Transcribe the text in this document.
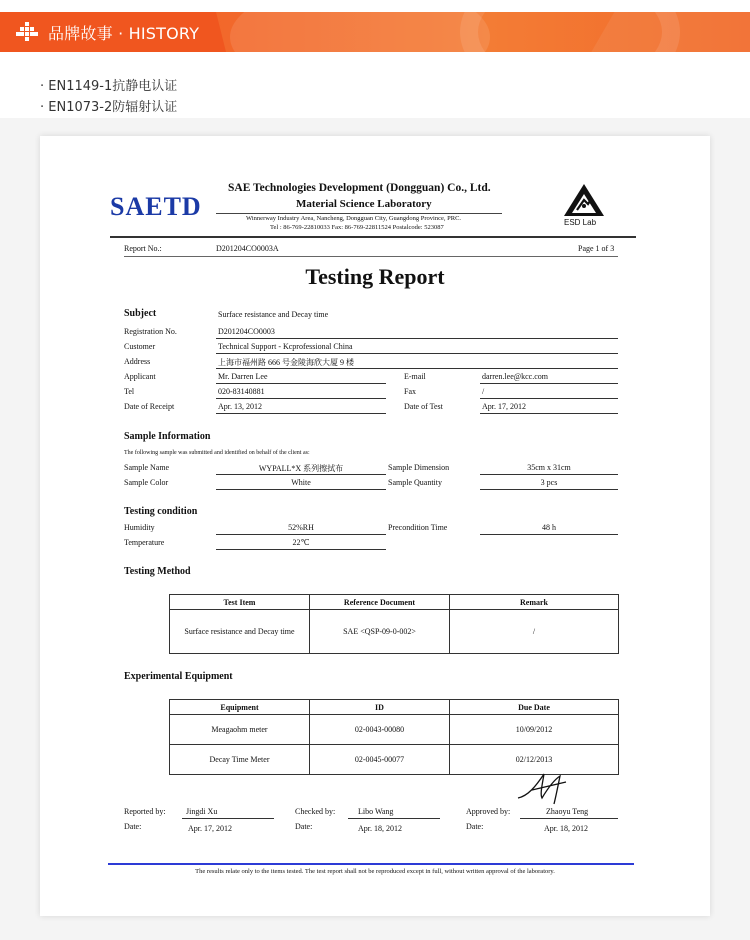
品牌故事 · HISTORY
· EN1149-1抗静电认证
· EN1073-2防辐射认证
SAETD
SAE Technologies Development (Dongguan) Co., Ltd.
Material Science Laboratory
Winnerway Industry Area, Nancheng, Dongguan City, Guangdong Province, PRC.
Tel : 86-769-22810033 Fax: 86-769-22811524 Postalcode: 523087
ESD Lab
Report No.:	D201204CO0003A	Page 1 of 3
Testing Report
Subject	Surface resistance and Decay time
Registration No.	D201204CO0003
Customer	Technical Support - Kcprofessional China
Address	上海市福州路 666 号金陵海欣大厦 9 楼
Applicant	Mr. Darren Lee	E-mail	darren.lee@kcc.com
Tel	020-83140881	Fax	/
Date of Receipt	Apr. 13, 2012	Date of Test	Apr. 17, 2012
Sample Information
The following sample was submitted and identified on behalf of the client as:
Sample Name	WYPALL*X 系列擦拭布	Sample Dimension	35cm x 31cm
Sample Color	White	Sample Quantity	3 pcs
Testing condition
Humidity	52%RH	Precondition Time	48 h
Temperature	22℃
Testing Method
Test Item	Reference Document	Remark
Surface resistance and Decay time	SAE <QSP-09-0-002>	/
Experimental Equipment
Equipment	ID	Due Date
Meagaohm meter	02-0043-00080	10/09/2012
Decay Time Meter	02-0045-00077	02/12/2013
Reported by:	Jingdi Xu
Date:	Apr. 17, 2012
Checked by:	Libo Wang
Date:	Apr. 18, 2012
Approved by:	Zhaoyu Teng
Date:	Apr. 18, 2012
The results relate only to the items tested. The test report shall not be reproduced except in full, without written approval of the laboratory.
